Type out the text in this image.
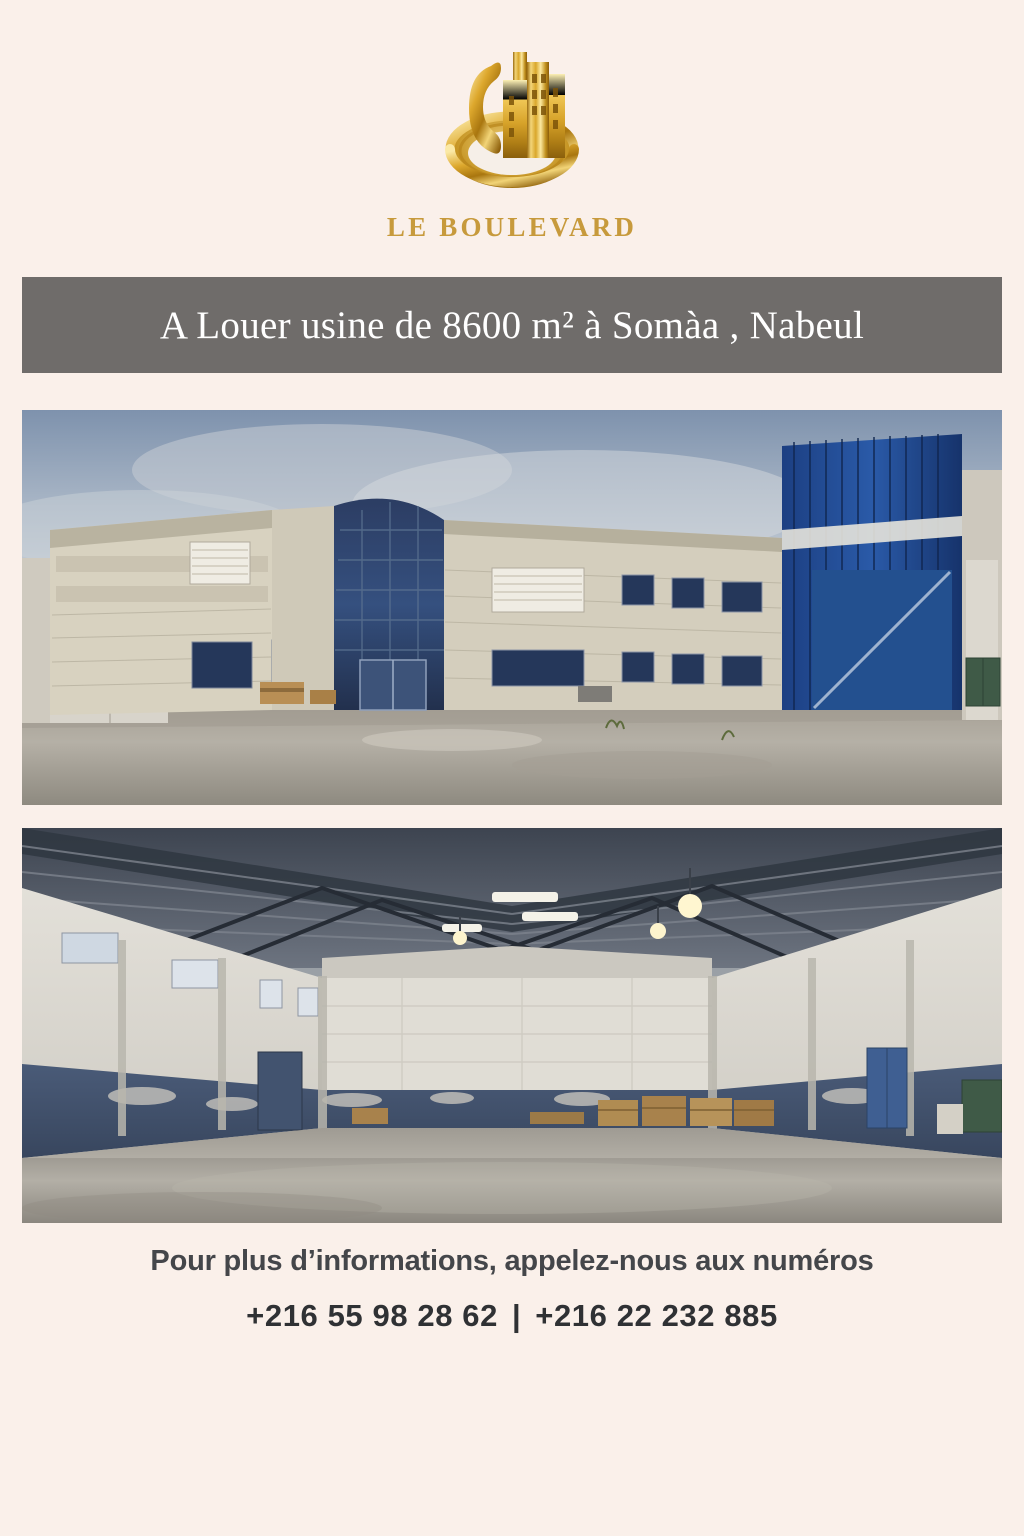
LE BOULEVARD
A Louer usine de 8600 m² à Somàa , Nabeul
Pour plus d’informations, appelez-nous aux numéros
+216 55 98 28 62 | +216 22 232 885
